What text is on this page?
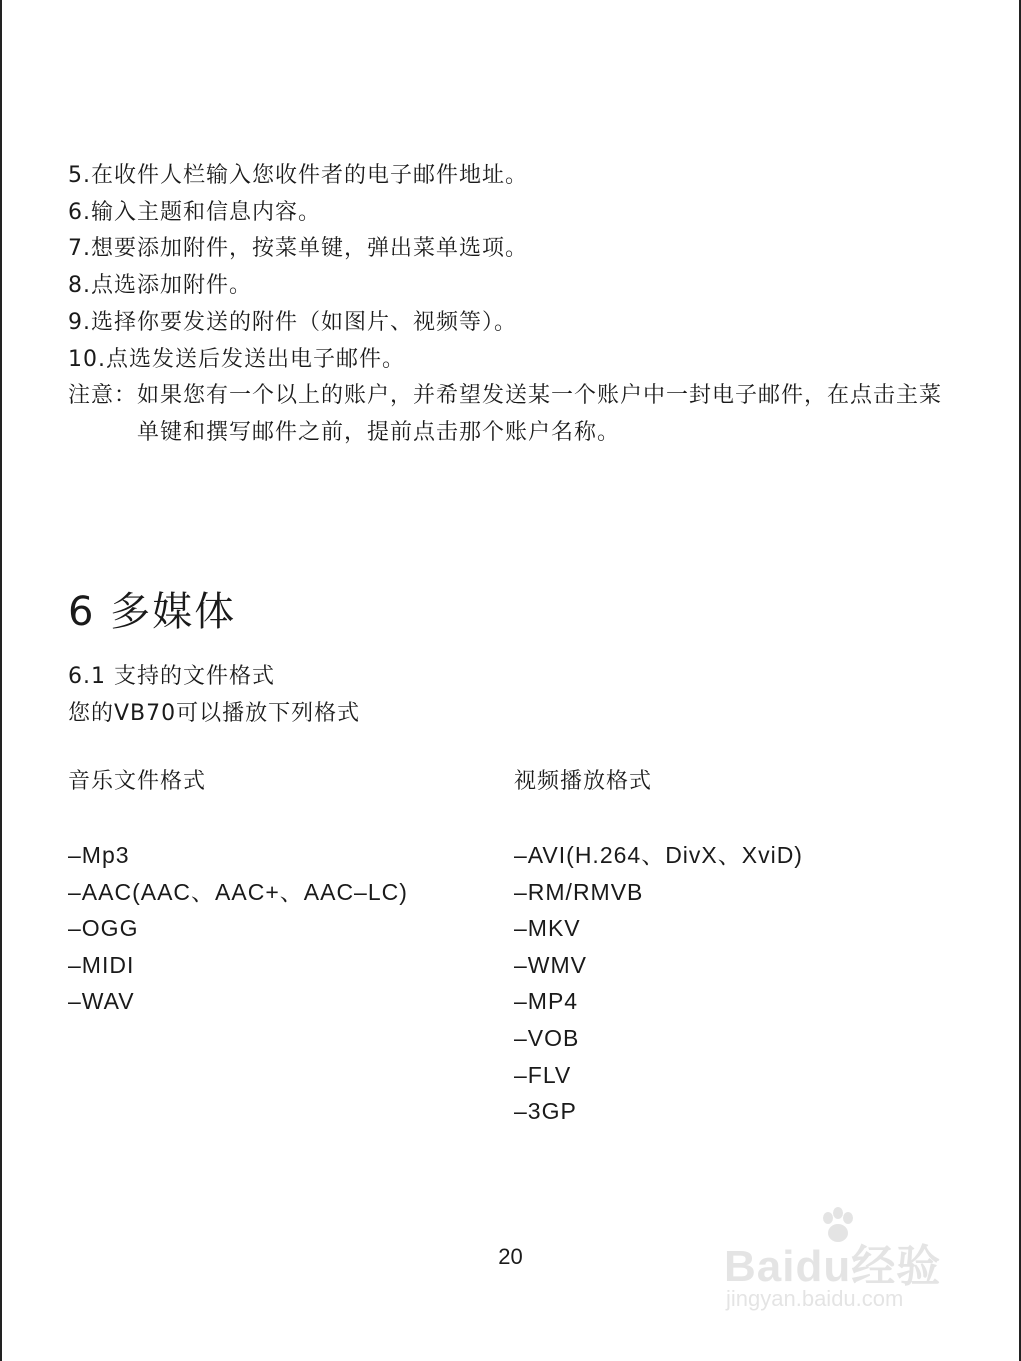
5.在收件人栏输入您收件者的电子邮件地址。
6.输入主题和信息内容。
7.想要添加附件，按菜单键，弹出菜单选项。
8.点选添加附件。
9.选择你要发送的附件（如图片、视频等）。
10.点选发送后发送出电子邮件。
注意： 如果您有一个以上的账户，并希望发送某一个账户中一封电子邮件，在点击主菜单键和撰写邮件之前，提前点击那个账户名称。
6 多媒体
6.1 支持的文件格式
您的VB70可以播放下列格式
音乐文件格式
–Mp3
–AAC(AAC、AAC+、AAC–LC)
–OGG
–MIDI
–WAV
视频播放格式
–AVI(H.264、DivX、XviD)
–RM/RMVB
–MKV
–WMV
–MP4
–VOB
–FLV
–3GP
20	Baidu经验
jingyan.baidu.com
